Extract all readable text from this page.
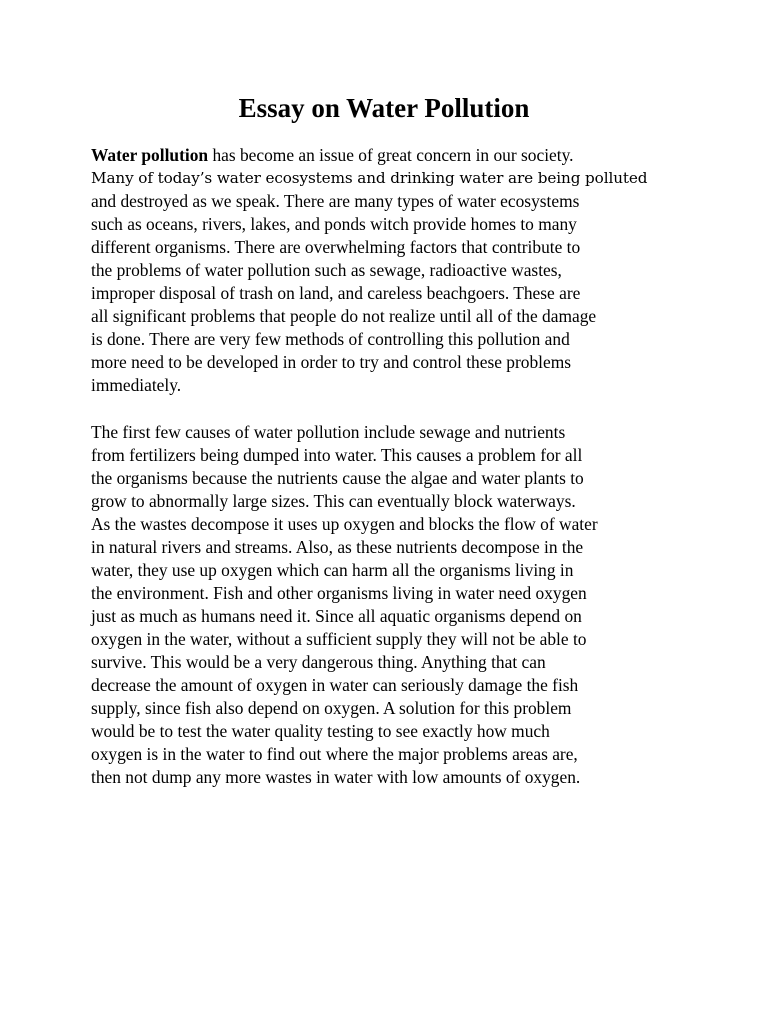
Essay on Water Pollution
Water pollution has become an issue of great concern in our society.
Many of today’s water ecosystems and drinking water are being polluted
and destroyed as we speak. There are many types of water ecosystems
such as oceans, rivers, lakes, and ponds witch provide homes to many
different organisms. There are overwhelming factors that contribute to
the problems of water pollution such as sewage, radioactive wastes,
improper disposal of trash on land, and careless beachgoers. These are
all significant problems that people do not realize until all of the damage
is done. There are very few methods of controlling this pollution and
more need to be developed in order to try and control these problems
immediately.
The first few causes of water pollution include sewage and nutrients
from fertilizers being dumped into water. This causes a problem for all
the organisms because the nutrients cause the algae and water plants to
grow to abnormally large sizes. This can eventually block waterways.
As the wastes decompose it uses up oxygen and blocks the flow of water
in natural rivers and streams. Also, as these nutrients decompose in the
water, they use up oxygen which can harm all the organisms living in
the environment. Fish and other organisms living in water need oxygen
just as much as humans need it. Since all aquatic organisms depend on
oxygen in the water, without a sufficient supply they will not be able to
survive. This would be a very dangerous thing. Anything that can
decrease the amount of oxygen in water can seriously damage the fish
supply, since fish also depend on oxygen. A solution for this problem
would be to test the water quality testing to see exactly how much
oxygen is in the water to find out where the major problems areas are,
then not dump any more wastes in water with low amounts of oxygen.
